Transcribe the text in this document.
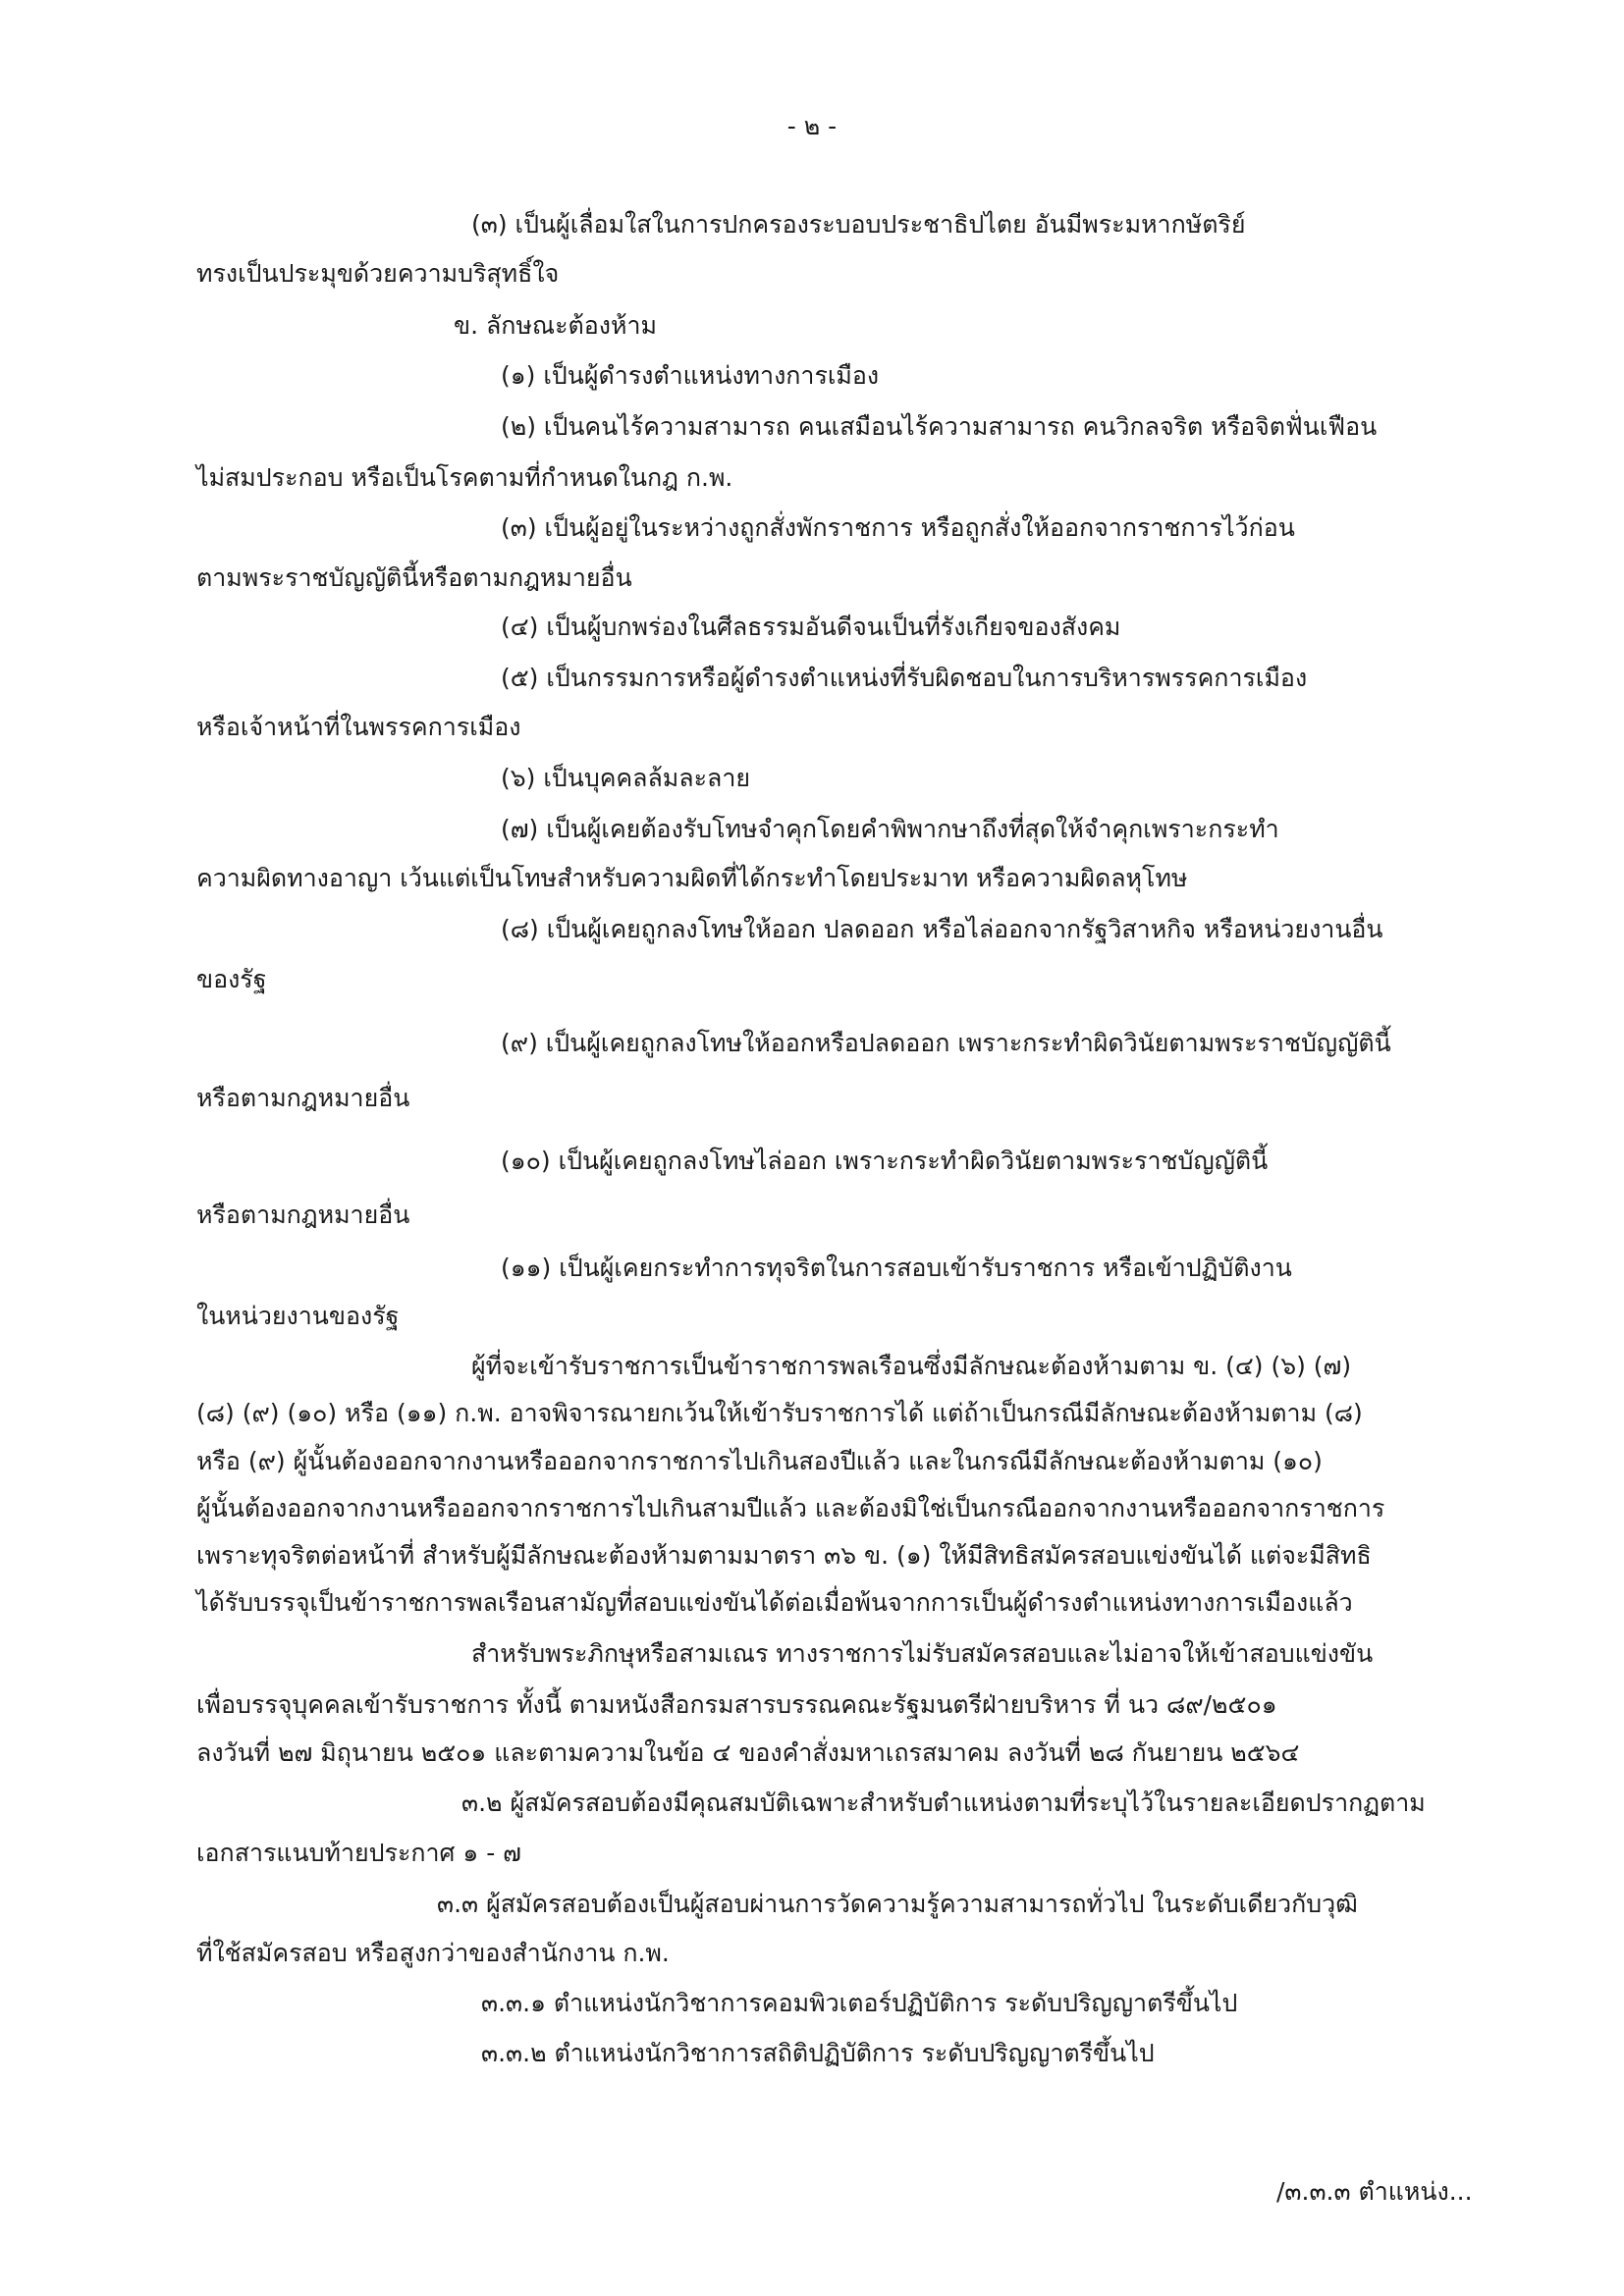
- ๒ -
(๓) เป็นผู้เลื่อมใสในการปกครองระบอบประชาธิปไตย อันมีพระมหากษัตริย์
ทรงเป็นประมุขด้วยความบริสุทธิ์ใจ
ข. ลักษณะต้องห้าม
(๑) เป็นผู้ดำรงตำแหน่งทางการเมือง
(๒) เป็นคนไร้ความสามารถ คนเสมือนไร้ความสามารถ คนวิกลจริต หรือจิตฟั่นเฟือน
ไม่สมประกอบ หรือเป็นโรคตามที่กำหนดในกฎ ก.พ.
(๓) เป็นผู้อยู่ในระหว่างถูกสั่งพักราชการ หรือถูกสั่งให้ออกจากราชการไว้ก่อน
ตามพระราชบัญญัตินี้หรือตามกฎหมายอื่น
(๔) เป็นผู้บกพร่องในศีลธรรมอันดีจนเป็นที่รังเกียจของสังคม
(๕) เป็นกรรมการหรือผู้ดำรงตำแหน่งที่รับผิดชอบในการบริหารพรรคการเมือง
หรือเจ้าหน้าที่ในพรรคการเมือง
(๖) เป็นบุคคลล้มละลาย
(๗) เป็นผู้เคยต้องรับโทษจำคุกโดยคำพิพากษาถึงที่สุดให้จำคุกเพราะกระทำ
ความผิดทางอาญา เว้นแต่เป็นโทษสำหรับความผิดที่ได้กระทำโดยประมาท หรือความผิดลหุโทษ
(๘) เป็นผู้เคยถูกลงโทษให้ออก ปลดออก หรือไล่ออกจากรัฐวิสาหกิจ หรือหน่วยงานอื่น
ของรัฐ
(๙) เป็นผู้เคยถูกลงโทษให้ออกหรือปลดออก เพราะกระทำผิดวินัยตามพระราชบัญญัตินี้
หรือตามกฎหมายอื่น
(๑๐) เป็นผู้เคยถูกลงโทษไล่ออก เพราะกระทำผิดวินัยตามพระราชบัญญัตินี้
หรือตามกฎหมายอื่น
(๑๑) เป็นผู้เคยกระทำการทุจริตในการสอบเข้ารับราชการ หรือเข้าปฏิบัติงาน
ในหน่วยงานของรัฐ
ผู้ที่จะเข้ารับราชการเป็นข้าราชการพลเรือนซึ่งมีลักษณะต้องห้ามตาม ข. (๔) (๖) (๗)
(๘) (๙) (๑๐) หรือ (๑๑) ก.พ. อาจพิจารณายกเว้นให้เข้ารับราชการได้ แต่ถ้าเป็นกรณีมีลักษณะต้องห้ามตาม (๘)
หรือ (๙) ผู้นั้นต้องออกจากงานหรือออกจากราชการไปเกินสองปีแล้ว และในกรณีมีลักษณะต้องห้ามตาม (๑๐)
ผู้นั้นต้องออกจากงานหรือออกจากราชการไปเกินสามปีแล้ว และต้องมิใช่เป็นกรณีออกจากงานหรือออกจากราชการ
เพราะทุจริตต่อหน้าที่ สำหรับผู้มีลักษณะต้องห้ามตามมาตรา ๓๖ ข. (๑) ให้มีสิทธิสมัครสอบแข่งขันได้ แต่จะมีสิทธิ
ได้รับบรรจุเป็นข้าราชการพลเรือนสามัญที่สอบแข่งขันได้ต่อเมื่อพ้นจากการเป็นผู้ดำรงตำแหน่งทางการเมืองแล้ว
สำหรับพระภิกษุหรือสามเณร ทางราชการไม่รับสมัครสอบและไม่อาจให้เข้าสอบแข่งขัน
เพื่อบรรจุบุคคลเข้ารับราชการ ทั้งนี้ ตามหนังสือกรมสารบรรณคณะรัฐมนตรีฝ่ายบริหาร ที่ นว ๘๙/๒๕๐๑
ลงวันที่ ๒๗ มิถุนายน ๒๕๐๑ และตามความในข้อ ๔ ของคำสั่งมหาเถรสมาคม ลงวันที่ ๒๘ กันยายน ๒๕๖๔
๓.๒ ผู้สมัครสอบต้องมีคุณสมบัติเฉพาะสำหรับตำแหน่งตามที่ระบุไว้ในรายละเอียดปรากฏตาม
เอกสารแนบท้ายประกาศ ๑ - ๗
๓.๓ ผู้สมัครสอบต้องเป็นผู้สอบผ่านการวัดความรู้ความสามารถทั่วไป ในระดับเดียวกับวุฒิ
ที่ใช้สมัครสอบ หรือสูงกว่าของสำนักงาน ก.พ.
๓.๓.๑ ตำแหน่งนักวิชาการคอมพิวเตอร์ปฏิบัติการ ระดับปริญญาตรีขึ้นไป
๓.๓.๒ ตำแหน่งนักวิชาการสถิติปฏิบัติการ ระดับปริญญาตรีขึ้นไป
/๓.๓.๓ ตำแหน่ง...
